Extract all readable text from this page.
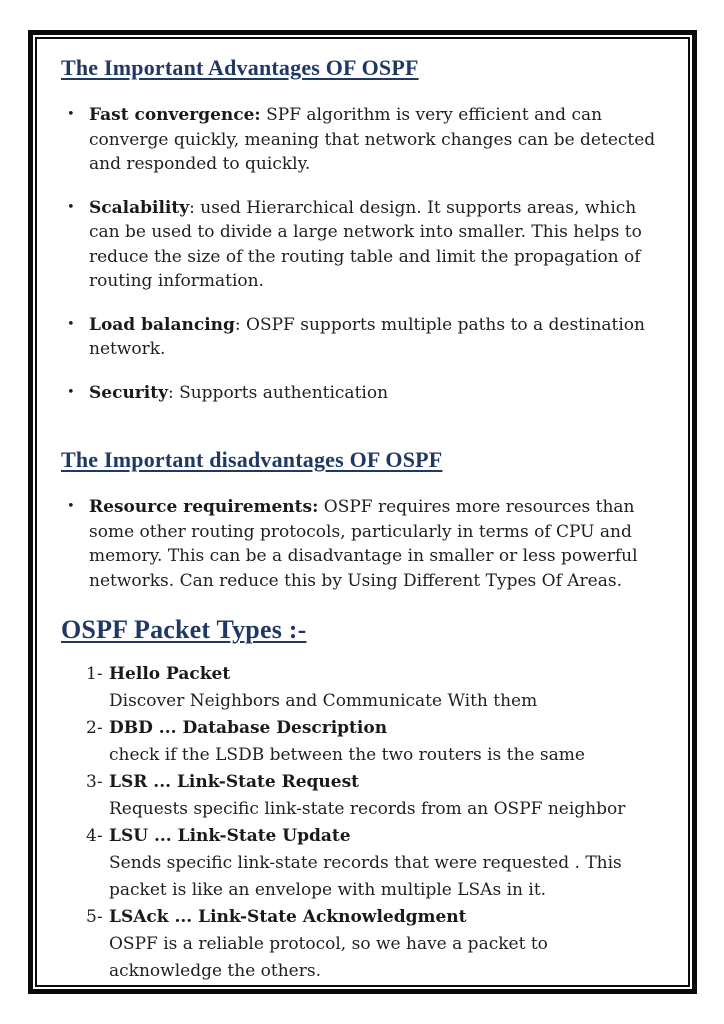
The Important Advantages OF OSPF
•
Fast convergence: SPF algorithm is very efficient and can converge quickly, meaning that network changes can be detected and responded to quickly.
•
Scalability: used Hierarchical design. It supports areas, which can be used to divide a large network into smaller. This helps to reduce the size of the routing table and limit the propagation of routing information.
•
Load balancing: OSPF supports multiple paths to a destination network.
•
Security: Supports authentication
The Important disadvantages OF OSPF
•
Resource requirements: OSPF requires more resources than some other routing protocols, particularly in terms of CPU and memory. This can be a disadvantage in smaller or less powerful networks. Can reduce this by Using Different Types Of Areas.
OSPF Packet Types :-
1- Hello Packet
Discover Neighbors and Communicate With them
2- DBD ... Database Description
check if the LSDB between the two routers is the same
3- LSR ... Link-State Request
Requests specific link-state records from an OSPF neighbor
4- LSU ... Link-State Update
Sends specific link-state records that were requested . This packet is like an envelope with multiple LSAs in it.
5- LSAck ... Link-State Acknowledgment
OSPF is a reliable protocol, so we have a packet to acknowledge the others.
